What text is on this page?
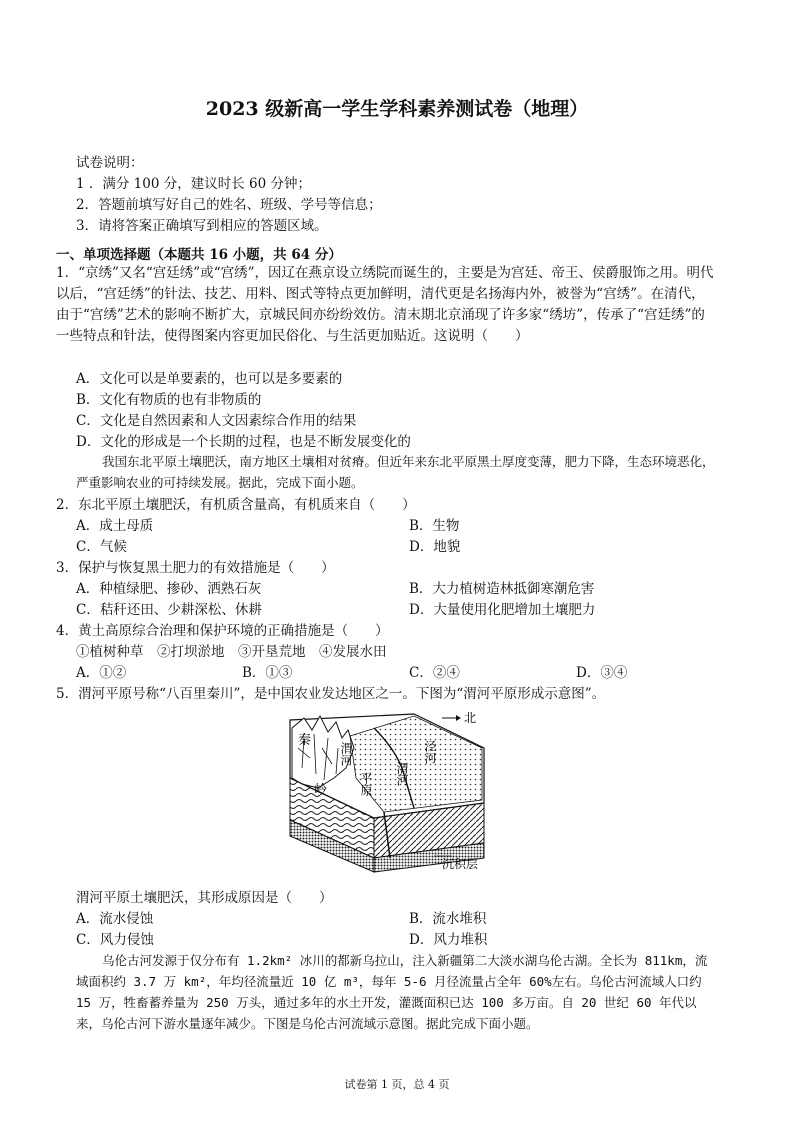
2023 级新高一学生学科素养测试卷（地理）
试卷说明：
1 ．满分 100 分，建议时长 60 分钟；
2．答题前填写好自己的姓名、班级、学号等信息；
3．请将答案正确填写到相应的答题区域。
一、单项选择题（本题共 16 小题，共 64 分）
1．“京绣”又名“宫廷绣”或“宫绣”，因辽在燕京设立绣院而诞生的，主要是为宫廷、帝王、侯爵服饰之用。明代以后，“宫廷绣”的针法、技艺、用料、图式等特点更加鲜明，清代更是名扬海内外，被誉为“宫绣”。在清代，由于“宫绣”艺术的影响不断扩大，京城民间亦纷纷效仿。清末期北京涌现了许多家“绣坊”，传承了“宫廷绣”的一些特点和针法，使得图案内容更加民俗化、与生活更加贴近。这说明（　　）
A．文化可以是单要素的，也可以是多要素的
B．文化有物质的也有非物质的
C．文化是自然因素和人文因素综合作用的结果
D．文化的形成是一个长期的过程，也是不断发展变化的
我国东北平原土壤肥沃，南方地区土壤相对贫瘠。但近年来东北平原黑土厚度变薄，肥力下降，生态环境恶化，严重影响农业的可持续发展。据此，完成下面小题。
2．东北平原土壤肥沃，有机质含量高，有机质来自（　　）
A．成土母质	B．生物
C．气候	D．地貌
3．保护与恢复黑土肥力的有效措施是（　　）
A．种植绿肥、掺砂、洒熟石灰	B．大力植树造林抵御寒潮危害
C．秸秆还田、少耕深松、休耕	D．大量使用化肥增加土壤肥力
4．黄土高原综合治理和保护环境的正确措施是（　　）
①植树种草　②打坝淤地　③开垦荒地　④发展水田
A．①②	B．①③	C．②④	D．③④
5．渭河平原号称“八百里秦川”，是中国农业发达地区之一。下图为“渭河平原形成示意图”。
北
秦
岭
渭河
平原 渭河
泾河
沉积层
渭河平原土壤肥沃，其形成原因是（　　）
A．流水侵蚀	B．流水堆积
C．风力侵蚀	D．风力堆积
乌伦古河发源于仅分布有 1.2km² 冰川的都新乌拉山，注入新疆第二大淡水湖乌伦古湖。全长为 811km，流域面积约 3.7 万 km²，年均径流量近 10 亿 m³，每年 5-6 月径流量占全年 60%左右。乌伦古河流域人口约 15 万，牲畜蓄养量为 250 万头，通过多年的水土开发，灌溉面积已达 100 多万亩。自 20 世纪 60 年代以来，乌伦古河下游水量逐年减少。下图是乌伦古河流域示意图。据此完成下面小题。
试卷第 1 页，总 4 页
